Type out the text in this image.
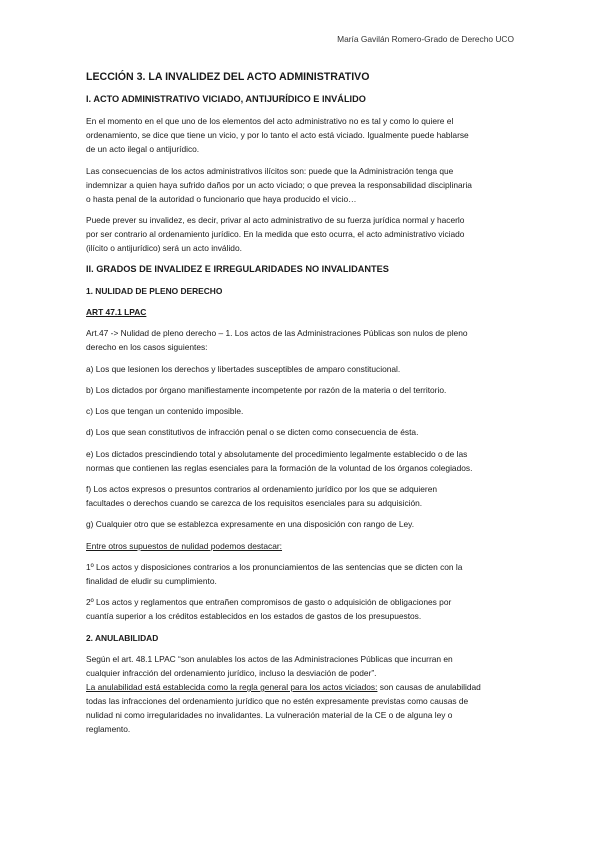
María Gavilán Romero-Grado de Derecho UCO
LECCIÓN 3. LA INVALIDEZ DEL ACTO ADMINISTRATIVO
I. ACTO ADMINISTRATIVO VICIADO, ANTIJURÍDICO E INVÁLIDO
En el momento en el que uno de los elementos del acto administrativo no es tal y como lo quiere el
ordenamiento, se dice que tiene un vicio, y por lo tanto el acto está viciado. Igualmente puede hablarse
de un acto ilegal o antijurídico.
Las consecuencias de los actos administrativos ilícitos son: puede que la Administración tenga que
indemnizar a quien haya sufrido daños por un acto viciado; o que prevea la responsabilidad disciplinaria
o hasta penal de la autoridad o funcionario que haya producido el vicio…
Puede prever su invalidez, es decir, privar al acto administrativo de su fuerza jurídica normal y hacerlo
por ser contrario al ordenamiento jurídico. En la medida que esto ocurra, el acto administrativo viciado
(ilícito o antijurídico) será un acto inválido.
II. GRADOS DE INVALIDEZ E IRREGULARIDADES NO INVALIDANTES
1. NULIDAD DE PLENO DERECHO
ART 47.1 LPAC
Art.47 -> Nulidad de pleno derecho – 1. Los actos de las Administraciones Públicas son nulos de pleno
derecho en los casos siguientes:
a) Los que lesionen los derechos y libertades susceptibles de amparo constitucional.
b) Los dictados por órgano manifiestamente incompetente por razón de la materia o del territorio.
c) Los que tengan un contenido imposible.
d) Los que sean constitutivos de infracción penal o se dicten como consecuencia de ésta.
e) Los dictados prescindiendo total y absolutamente del procedimiento legalmente establecido o de las
normas que contienen las reglas esenciales para la formación de la voluntad de los órganos colegiados.
f) Los actos expresos o presuntos contrarios al ordenamiento jurídico por los que se adquieren
facultades o derechos cuando se carezca de los requisitos esenciales para su adquisición.
g) Cualquier otro que se establezca expresamente en una disposición con rango de Ley.
Entre otros supuestos de nulidad podemos destacar:
1º Los actos y disposiciones contrarios a los pronunciamientos de las sentencias que se dicten con la
finalidad de eludir su cumplimiento.
2º Los actos y reglamentos que entrañen compromisos de gasto o adquisición de obligaciones por
cuantía superior a los créditos establecidos en los estados de gastos de los presupuestos.
2. ANULABILIDAD
Según el art. 48.1 LPAC “son anulables los actos de las Administraciones Públicas que incurran en
cualquier infracción del ordenamiento jurídico, incluso la desviación de poder”.
La anulabilidad está establecida como la regla general para los actos viciados: son causas de anulabilidad
todas las infracciones del ordenamiento jurídico que no estén expresamente previstas como causas de
nulidad ni como irregularidades no invalidantes. La vulneración material de la CE o de alguna ley o
reglamento.
